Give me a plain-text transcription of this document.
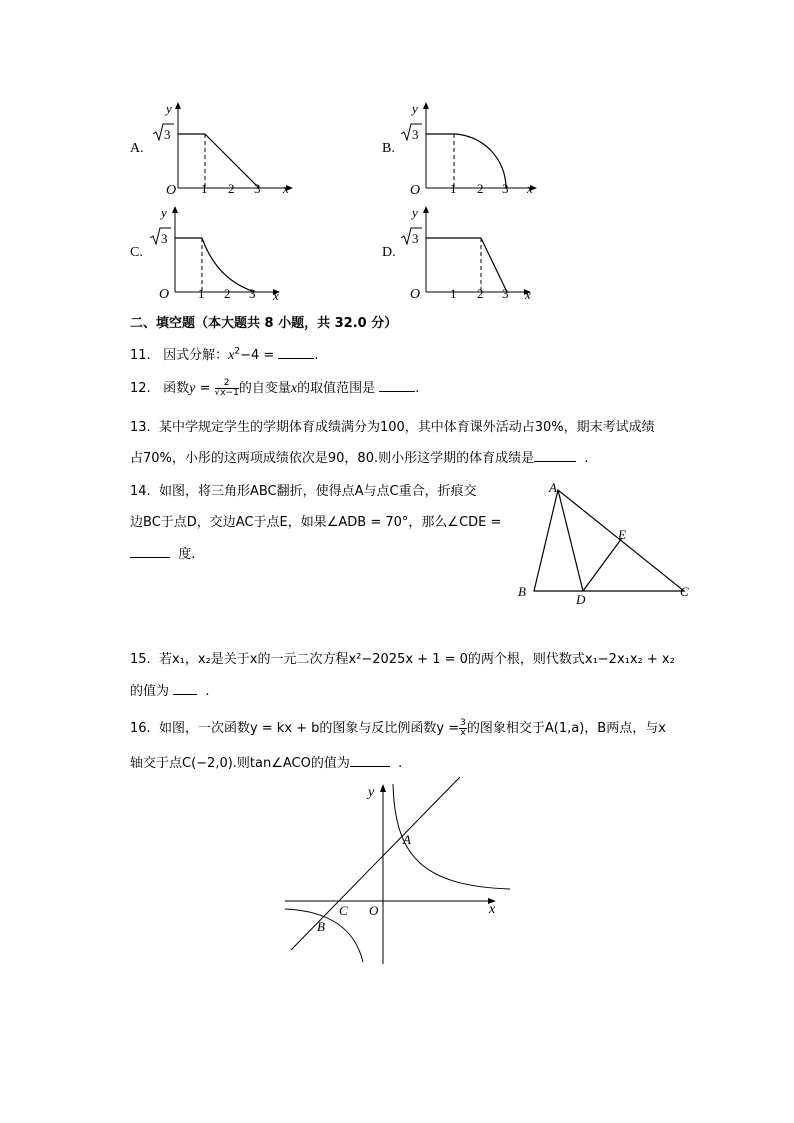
A.
y
x
O
3
1 2 3
B.
y
x
O
3
1 2 3
C.
y
x
O
3
1 2 3
D.
y
x
O
3
1 2 3
二、填空题（本大题共 8 小题，共 32.0 分）
11. 因式分解：$x^2-4$ =	.
12. 函数$y = \frac{2}{√x-1}$ 的自变量x的取值范围是	.
13. 某中学规定学生的学期体育成绩满分为100，其中体育课外活动占30%，期末考试成绩
占70%，小彤的这两项成绩依次是90，80.则小彤这学期的体育成绩是	.
14. 如图，将三角形ABC翻折，使得点A与点C重合，折痕交
边BC于点D，交边AC于点E，如果∠ADB = 70°，那么∠CDE =
度.
A
B	C
D
E
15. 若x₁，x₂是关于x的一元二次方程x²−2025x + 1 = 0的两个根，则代数式x₁−2x₁x₂ + x₂
的值为	.
16. 如图，一次函数y = kx + b的图象与反比例函数$y = \frac{3}{x}$ 的图象相交于A(1,a)，B两点，与x
轴交于点C(−2,0).则tan∠ACO的值为	.
y
x
O
A
B
C
